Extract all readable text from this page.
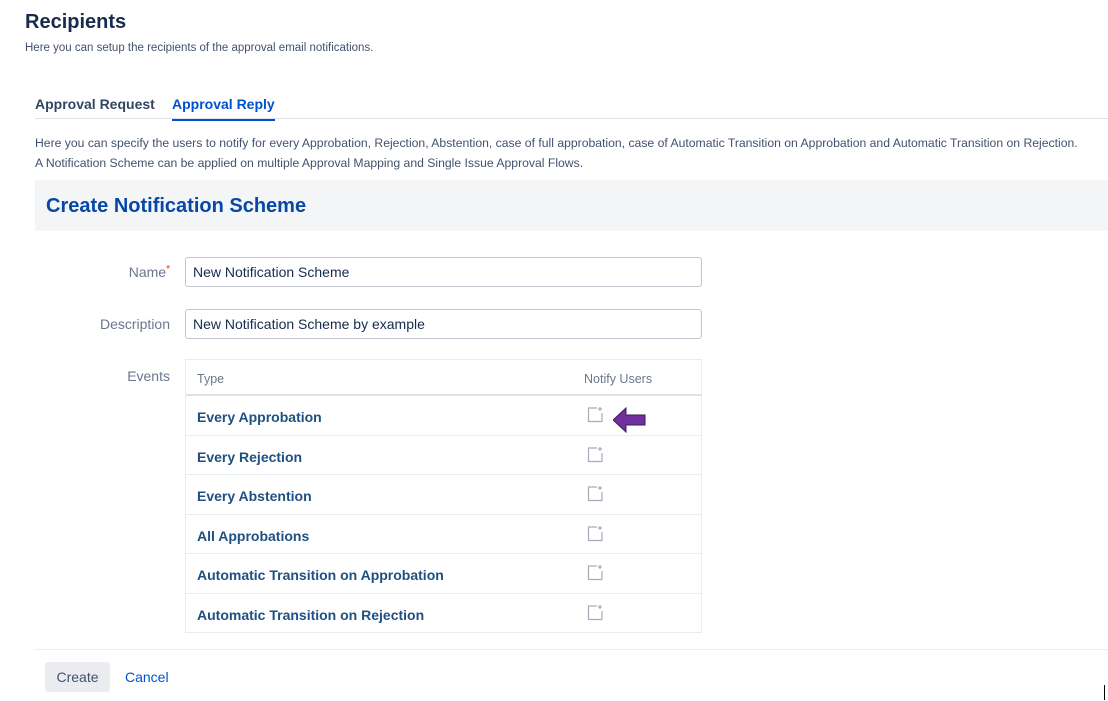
Recipients
Here you can setup the recipients of the approval email notifications.
Approval Request Approval Reply
Here you can specify the users to notify for every Approbation, Rejection, Abstention, case of full approbation, case of Automatic Transition on Approbation and Automatic Transition on Rejection.
A Notification Scheme can be applied on multiple Approval Mapping and Single Issue Approval Flows.
Create Notification Scheme
Name*
New Notification Scheme
Description
New Notification Scheme by example
Events Type	Notify Users
Every Approbation
Every Rejection
Every Abstention
All Approbations
Automatic Transition on Approbation
Automatic Transition on Rejection
Create	Cancel
